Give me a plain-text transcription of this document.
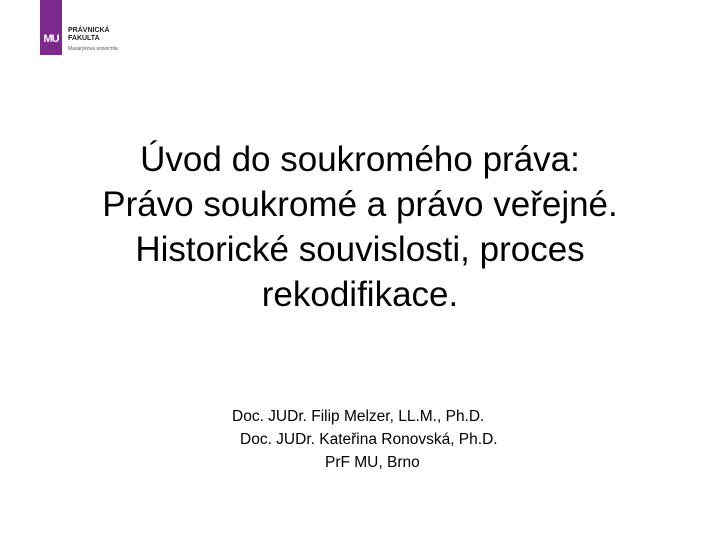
MU
PRÁVNICKÁ
FAKULTA
Masarykova univerzita
Úvod do soukromého práva:
Právo soukromé a právo veřejné.
Historické souvislosti, proces
rekodifikace.
Doc. JUDr. Filip Melzer, LL.M., Ph.D.
Doc. JUDr. Kateřina Ronovská, Ph.D.
PrF MU, Brno
